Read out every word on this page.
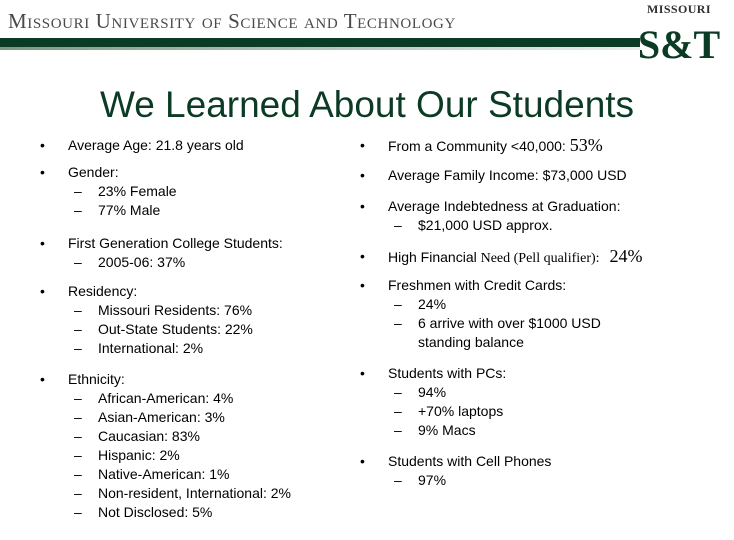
Missouri University of Science and Technology	MISSOURI
S&T
We Learned About Our Students
• Average Age: 21.8 years old
• Gender:
– 23% Female
– 77% Male
• First Generation College Students:
– 2005-06: 37%
• Residency:
– Missouri Residents: 76%
– Out-State Students: 22%
– International: 2%
• Ethnicity:
– African-American: 4%
– Asian-American: 3%
– Caucasian: 83%
– Hispanic: 2%
– Native-American: 1%
– Non-resident, International: 2%
– Not Disclosed: 5%
• From a Community <40,000: 53%
• Average Family Income: $73,000 USD
• Average Indebtedness at Graduation:
– $21,000 USD approx.
• High Financial Need (Pell qualifier): 24%
• Freshmen with Credit Cards:
– 24%
– 6 arrive with over $1000 USD standing balance
• Students with PCs:
– 94%
– +70% laptops
– 9% Macs
• Students with Cell Phones
– 97%
